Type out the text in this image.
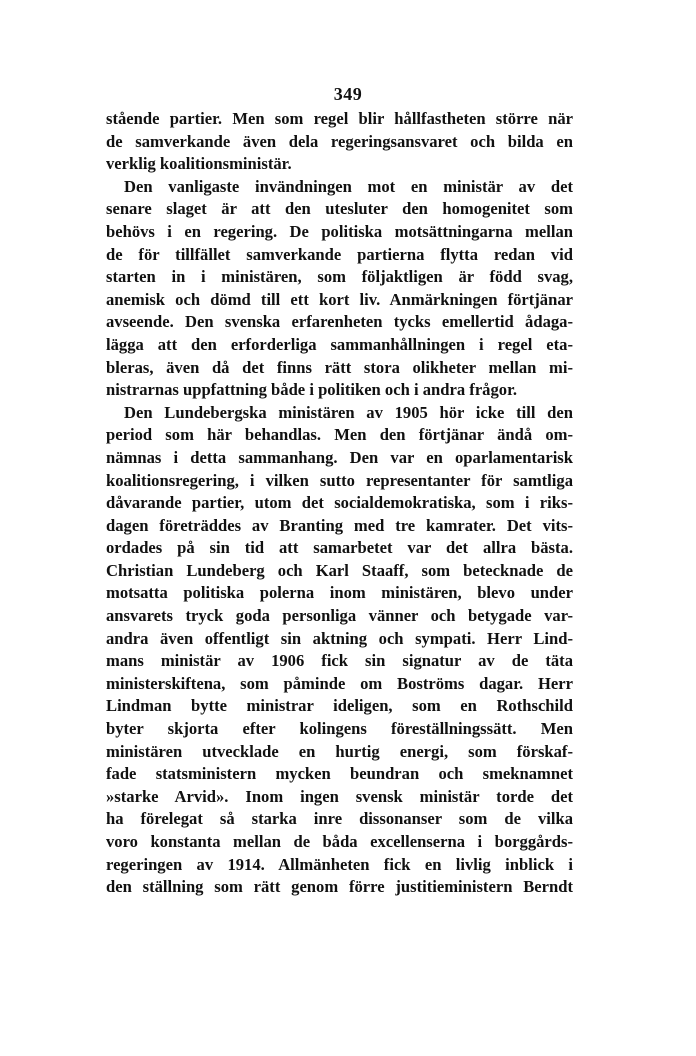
349
stående partier. Men som regel blir hållfastheten större när
de samverkande även dela regeringsansvaret och bilda en
verklig koalitionsministär.
Den vanligaste invändningen mot en ministär av det
senare slaget är att den utesluter den homogenitet som
behövs i en regering. De politiska motsättningarna mellan
de för tillfället samverkande partierna flytta redan vid
starten in i ministären, som följaktligen är född svag,
anemisk och dömd till ett kort liv. Anmärkningen förtjänar
avseende. Den svenska erfarenheten tycks emellertid ådaga-
lägga att den erforderliga sammanhållningen i regel eta-
bleras, även då det finns rätt stora olikheter mellan mi-
nistrarnas uppfattning både i politiken och i andra frågor.
Den Lundebergska ministären av 1905 hör icke till den
period som här behandlas. Men den förtjänar ändå om-
nämnas i detta sammanhang. Den var en oparlamentarisk
koalitionsregering, i vilken sutto representanter för samtliga
dåvarande partier, utom det socialdemokratiska, som i riks-
dagen företräddes av Branting med tre kamrater. Det vits-
ordades på sin tid att samarbetet var det allra bästa.
Christian Lundeberg och Karl Staaff, som betecknade de
motsatta politiska polerna inom ministären, blevo under
ansvarets tryck goda personliga vänner och betygade var-
andra även offentligt sin aktning och sympati. Herr Lind-
mans ministär av 1906 fick sin signatur av de täta
ministerskiftena, som påminde om Boströms dagar. Herr
Lindman bytte ministrar ideligen, som en Rothschild
byter skjorta efter kolingens föreställningssätt. Men
ministären utvecklade en hurtig energi, som förskaf-
fade statsministern mycken beundran och smeknamnet
»starke Arvid». Inom ingen svensk ministär torde det
ha förelegat så starka inre dissonanser som de vilka
voro konstanta mellan de båda excellenserna i borggårds-
regeringen av 1914. Allmänheten fick en livlig inblick i
den ställning som rätt genom förre justitieministern Berndt
